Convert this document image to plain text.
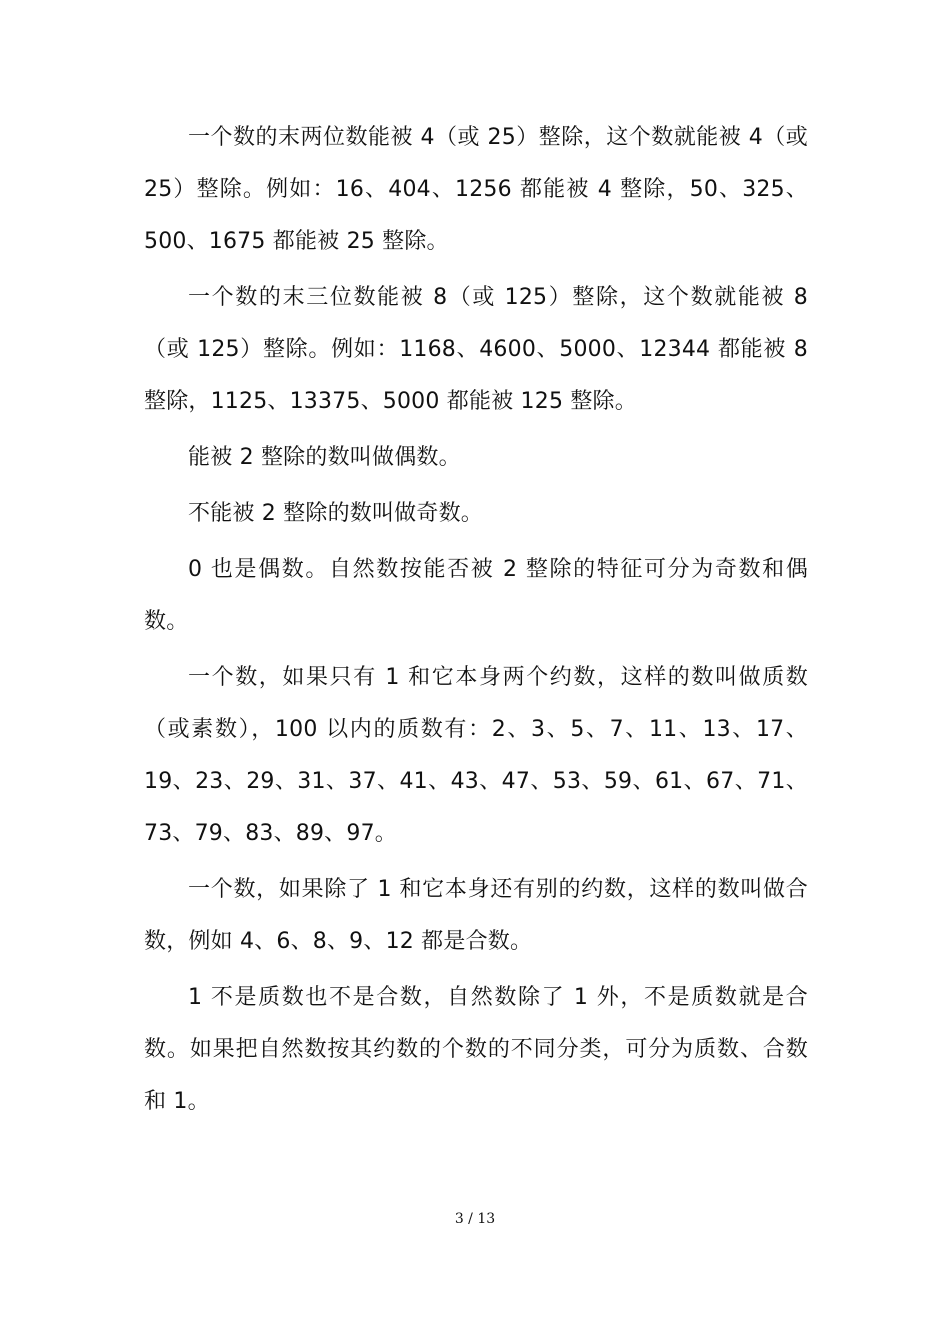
一个数的末两位数能被 4（或 25）整除，这个数就能被 4（或 25）整除。例如：16、404、1256 都能被 4 整除，50、325、500、1675 都能被 25 整除。

一个数的末三位数能被 8（或 125）整除，这个数就能被 8（或 125）整除。例如：1168、4600、5000、12344 都能被 8 整除，1125、13375、5000 都能被 125 整除。

能被 2 整除的数叫做偶数。

不能被 2 整除的数叫做奇数。

0 也是偶数。自然数按能否被 2 整除的特征可分为奇数和偶数。

一个数，如果只有 1 和它本身两个约数，这样的数叫做质数（或素数），100 以内的质数有：2、3、5、7、11、13、17、19、23、29、31、37、41、43、47、53、59、61、67、71、73、79、83、89、97。

一个数，如果除了 1 和它本身还有别的约数，这样的数叫做合数，例如 4、6、8、9、12 都是合数。

1 不是质数也不是合数，自然数除了 1 外，不是质数就是合数。如果把自然数按其约数的个数的不同分类，可分为质数、合数和 1。

3 / 13
